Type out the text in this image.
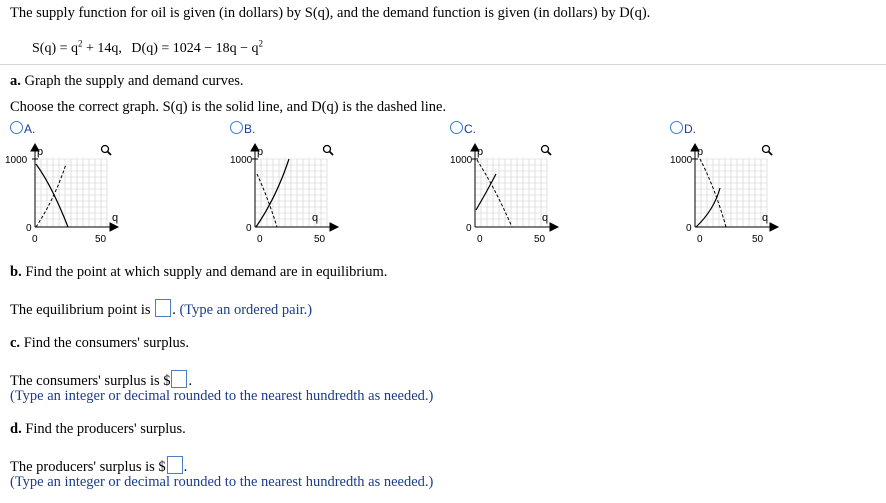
The supply function for oil is given (in dollars) by S(q), and the demand function is given (in dollars) by D(q).
$S(q) = q^2 + 14q$, $D(q) = 1024 - 18q - q^2$
a. Graph the supply and demand curves.
Choose the correct graph. S(q) is the solid line, and D(q) is the dashed line.
A.	B.	C.	D.
p
q
1000
0
0	50
p
q
1000
0
0	50
p
q
1000
0
0	50
p
q
1000
0
0	50
b. Find the point at which supply and demand are in equilibrium.
The equilibrium point is . (Type an ordered pair.)
c. Find the consumers' surplus.
The consumers' surplus is $ .
(Type an integer or decimal rounded to the nearest hundredth as needed.)
d. Find the producers' surplus.
The producers' surplus is $ .
(Type an integer or decimal rounded to the nearest hundredth as needed.)
